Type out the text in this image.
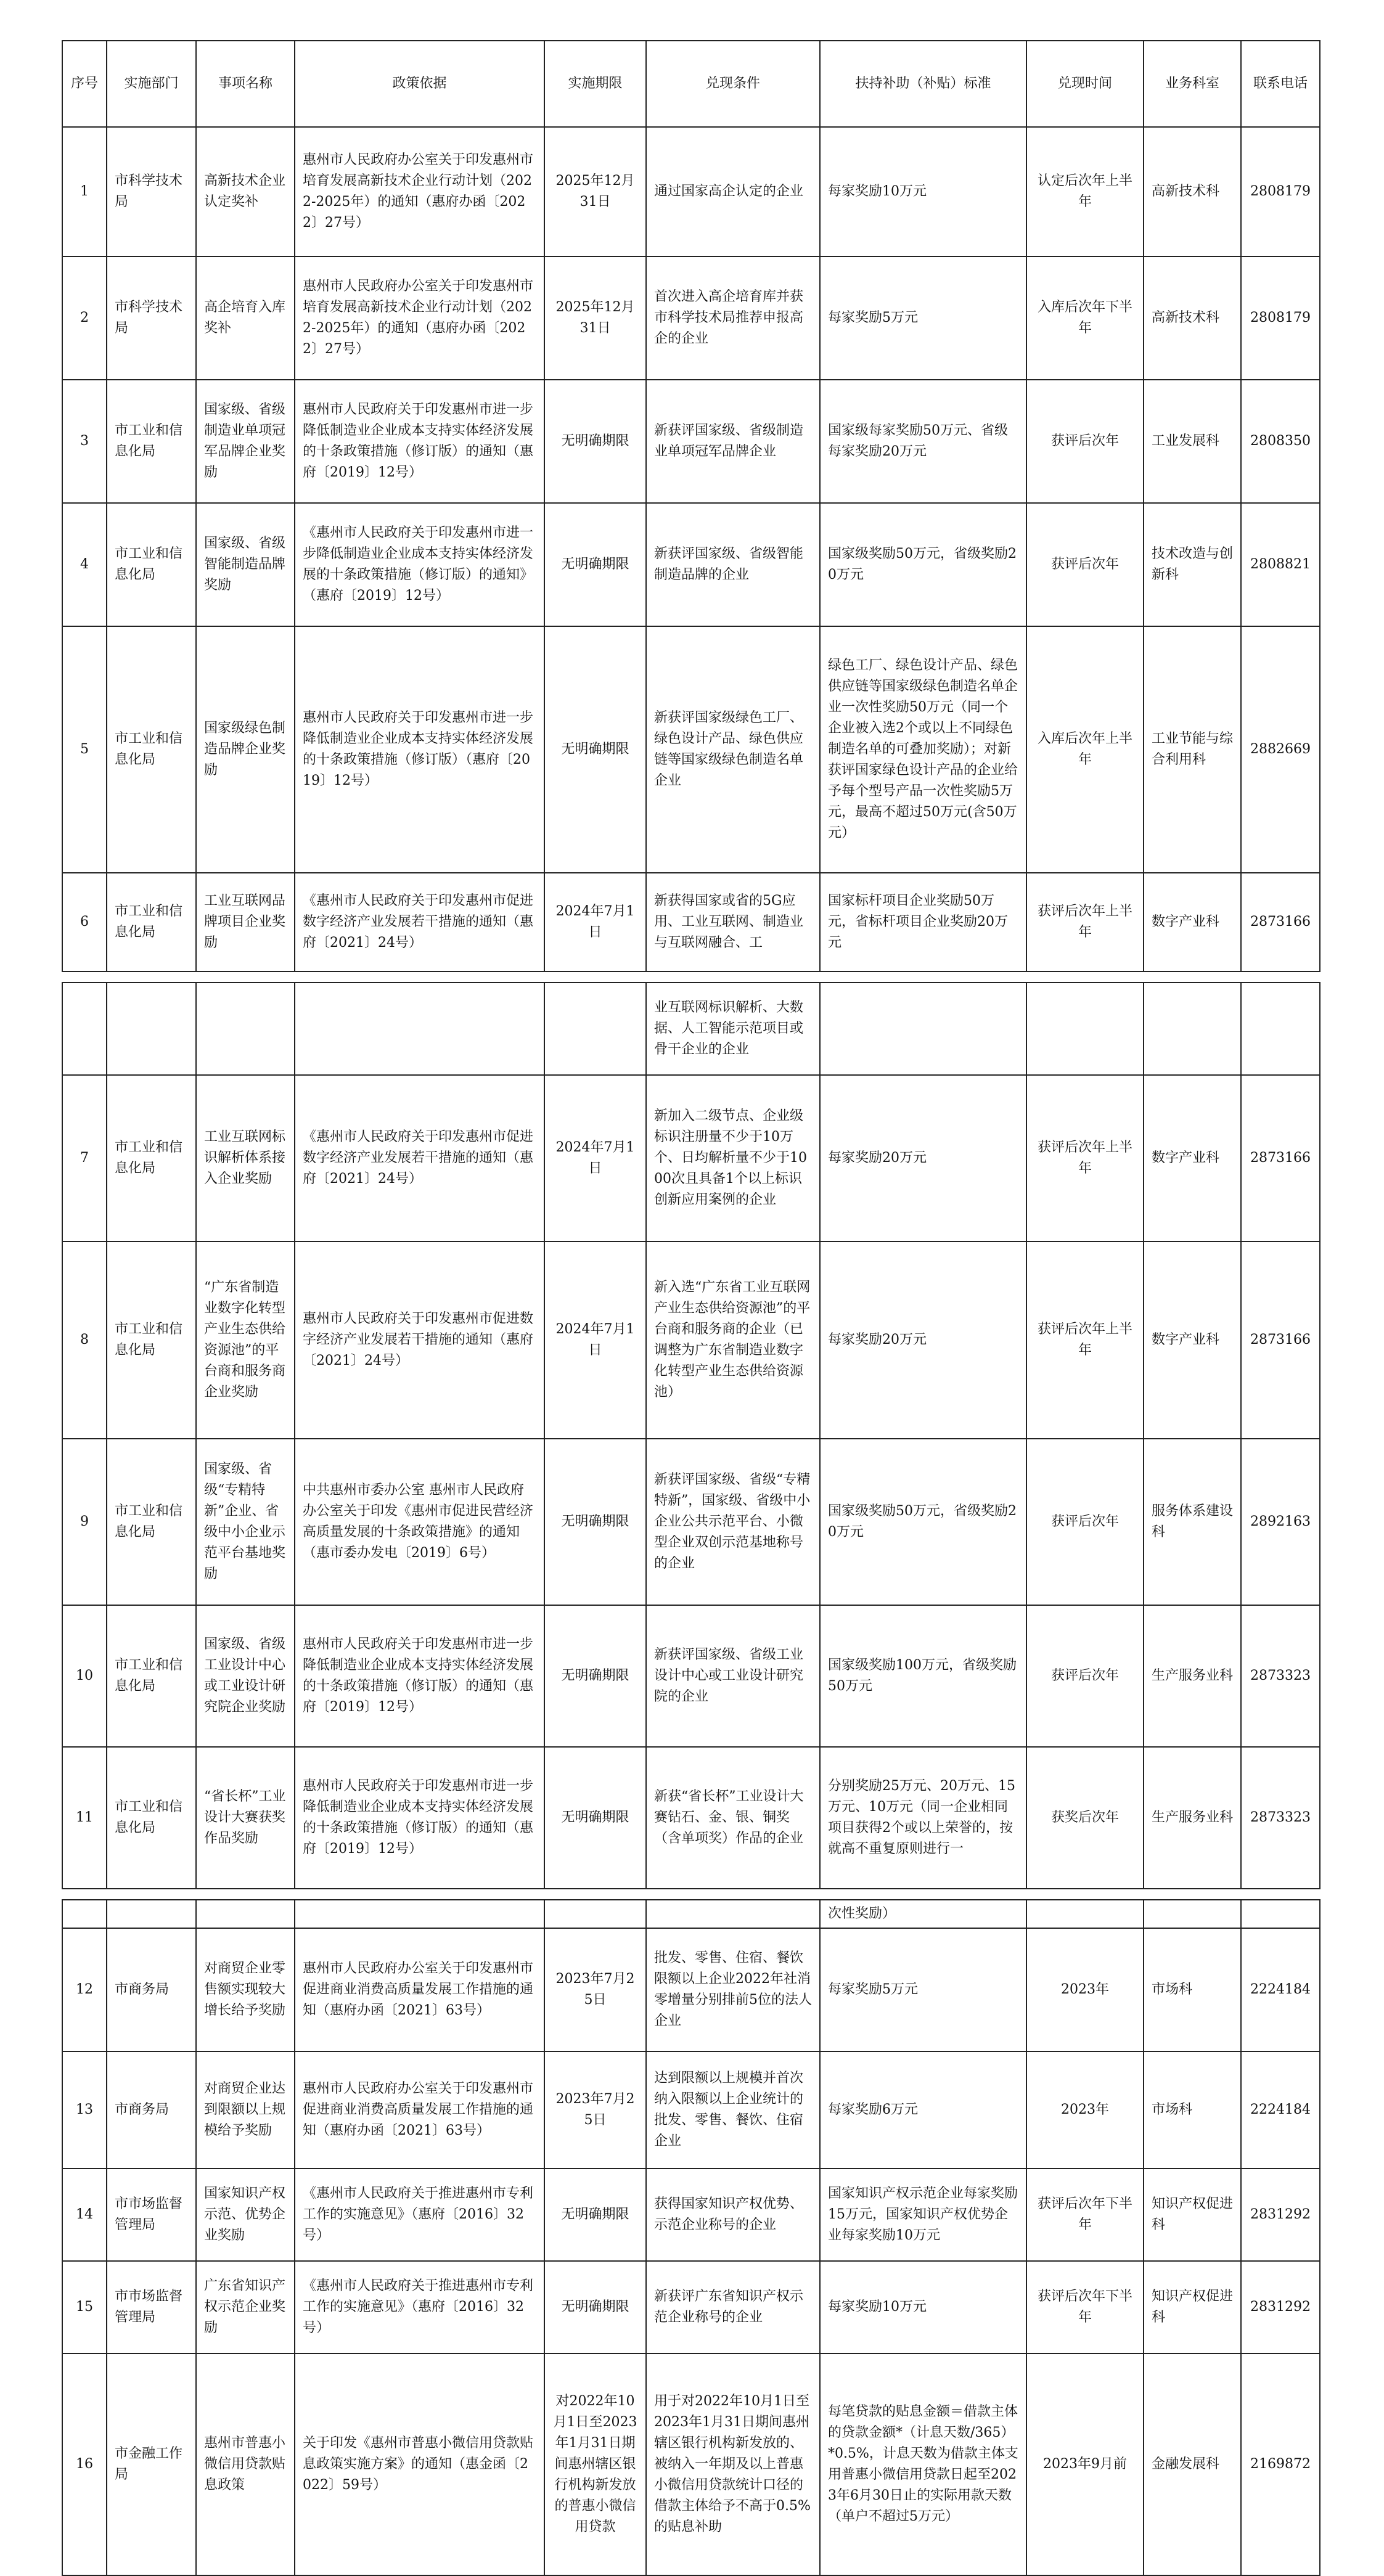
序号	实施部门	事项名称	政策依据	实施期限	兑现条件	扶持补助（补贴）标准	兑现时间	业务科室	联系电话
1	市科学技术局	高新技术企业认定奖补	惠州市人民政府办公室关于印发惠州市培育发展高新技术企业行动计划（2022-2025年）的通知（惠府办函〔2022〕27号）	2025年12月31日	通过国家高企认定的企业	每家奖励10万元	认定后次年上半年	高新技术科	2808179
2	市科学技术局	高企培育入库奖补	惠州市人民政府办公室关于印发惠州市培育发展高新技术企业行动计划（2022-2025年）的通知（惠府办函〔2022〕27号）	2025年12月31日	首次进入高企培育库并获市科学技术局推荐申报高企的企业	每家奖励5万元	入库后次年下半年	高新技术科	2808179
3	市工业和信息化局	国家级、省级制造业单项冠军品牌企业奖励	惠州市人民政府关于印发惠州市进一步降低制造业企业成本支持实体经济发展的十条政策措施（修订版）的通知（惠府〔2019〕12号）	无明确期限	新获评国家级、省级制造业单项冠军品牌企业	国家级每家奖励50万元、省级每家奖励20万元	获评后次年	工业发展科	2808350
4	市工业和信息化局	国家级、省级智能制造品牌奖励	《惠州市人民政府关于印发惠州市进一步降低制造业企业成本支持实体经济发展的十条政策措施（修订版）的通知》（惠府〔2019〕12号）	无明确期限	新获评国家级、省级智能制造品牌的企业	国家级奖励50万元，省级奖励20万元	获评后次年	技术改造与创新科	2808821
5	市工业和信息化局	国家级绿色制造品牌企业奖励	惠州市人民政府关于印发惠州市进一步降低制造业企业成本支持实体经济发展的十条政策措施（修订版）（惠府〔2019〕12号）	无明确期限	新获评国家级绿色工厂、绿色设计产品、绿色供应链等国家级绿色制造名单企业	绿色工厂、绿色设计产品、绿色供应链等国家级绿色制造名单企业一次性奖励50万元（同一个企业被入选2个或以上不同绿色制造名单的可叠加奖励）；对新获评国家绿色设计产品的企业给予每个型号产品一次性奖励5万元，最高不超过50万元(含50万元）	入库后次年上半年	工业节能与综合利用科	2882669
6	市工业和信息化局	工业互联网品牌项目企业奖励	《惠州市人民政府关于印发惠州市促进数字经济产业发展若干措施的通知（惠府〔2021〕24号）	2024年7月1日	新获得国家或省的5G应用、工业互联网、制造业与互联网融合、工	国家标杆项目企业奖励50万元，省标杆项目企业奖励20万元	获评后次年上半年	数字产业科	2873166

					业互联网标识解析、大数据、人工智能示范项目或骨干企业的企业				
7	市工业和信息化局	工业互联网标识解析体系接入企业奖励	《惠州市人民政府关于印发惠州市促进数字经济产业发展若干措施的通知（惠府〔2021〕24号）	2024年7月1日	新加入二级节点、企业级标识注册量不少于10万个、日均解析量不少于1000次且具备1个以上标识创新应用案例的企业	每家奖励20万元	获评后次年上半年	数字产业科	2873166
8	市工业和信息化局	“广东省制造业数字化转型产业生态供给资源池”的平台商和服务商企业奖励	惠州市人民政府关于印发惠州市促进数字经济产业发展若干措施的通知（惠府〔2021〕24号）	2024年7月1日	新入选“广东省工业互联网产业生态供给资源池”的平台商和服务商的企业（已调整为广东省制造业数字化转型产业生态供给资源池）	每家奖励20万元	获评后次年上半年	数字产业科	2873166
9	市工业和信息化局	国家级、省级“专精特新”企业、省级中小企业示范平台基地奖励	中共惠州市委办公室 惠州市人民政府办公室关于印发《惠州市促进民营经济高质量发展的十条政策措施》的通知（惠市委办发电〔2019〕6号）	无明确期限	新获评国家级、省级“专精特新”，国家级、省级中小企业公共示范平台、小微型企业双创示范基地称号的企业	国家级奖励50万元，省级奖励20万元	获评后次年	服务体系建设科	2892163
10	市工业和信息化局	国家级、省级工业设计中心或工业设计研究院企业奖励	惠州市人民政府关于印发惠州市进一步降低制造业企业成本支持实体经济发展的十条政策措施（修订版）的通知（惠府〔2019〕12号）	无明确期限	新获评国家级、省级工业设计中心或工业设计研究院的企业	国家级奖励100万元，省级奖励50万元	获评后次年	生产服务业科	2873323
11	市工业和信息化局	“省长杯”工业设计大赛获奖作品奖励	惠州市人民政府关于印发惠州市进一步降低制造业企业成本支持实体经济发展的十条政策措施（修订版）的通知（惠府〔2019〕12号）	无明确期限	新获“省长杯”工业设计大赛钻石、金、银、铜奖（含单项奖）作品的企业	分别奖励25万元、20万元、15万元、10万元（同一企业相同项目获得2个或以上荣誉的，按就高不重复原则进行一	获奖后次年	生产服务业科	2873323

						次性奖励）			
12	市商务局	对商贸企业零售额实现较大增长给予奖励	惠州市人民政府办公室关于印发惠州市促进商业消费高质量发展工作措施的通知（惠府办函〔2021〕63号）	2023年7月25日	批发、零售、住宿、餐饮限额以上企业2022年社消零增量分别排前5位的法人企业	每家奖励5万元	2023年	市场科	2224184
13	市商务局	对商贸企业达到限额以上规模给予奖励	惠州市人民政府办公室关于印发惠州市促进商业消费高质量发展工作措施的通知（惠府办函〔2021〕63号）	2023年7月25日	达到限额以上规模并首次纳入限额以上企业统计的批发、零售、餐饮、住宿企业	每家奖励6万元	2023年	市场科	2224184
14	市市场监督管理局	国家知识产权示范、优势企业奖励	《惠州市人民政府关于推进惠州市专利工作的实施意见》（惠府〔2016〕32号）	无明确期限	获得国家知识产权优势、示范企业称号的企业	国家知识产权示范企业每家奖励15万元，国家知识产权优势企业每家奖励10万元	获评后次年下半年	知识产权促进科	2831292
15	市市场监督管理局	广东省知识产权示范企业奖励	《惠州市人民政府关于推进惠州市专利工作的实施意见》（惠府〔2016〕32号）	无明确期限	新获评广东省知识产权示范企业称号的企业	每家奖励10万元	获评后次年下半年	知识产权促进科	2831292
16	市金融工作局	惠州市普惠小微信用贷款贴息政策	关于印发《惠州市普惠小微信用贷款贴息政策实施方案》的通知（惠金函〔2022〕59号）	对2022年10月1日至2023年1月31日期间惠州辖区银行机构新发放的普惠小微信用贷款	用于对2022年10月1日至2023年1月31日期间惠州辖区银行机构新发放的、被纳入一年期及以上普惠小微信用贷款统计口径的借款主体给予不高于0.5%的贴息补助	每笔贷款的贴息金额＝借款主体的贷款金额*（计息天数/365）*0.5%，计息天数为借款主体支用普惠小微信用贷款日起至2023年6月30日止的实际用款天数（单户不超过5万元）	2023年9月前	金融发展科	2169872
